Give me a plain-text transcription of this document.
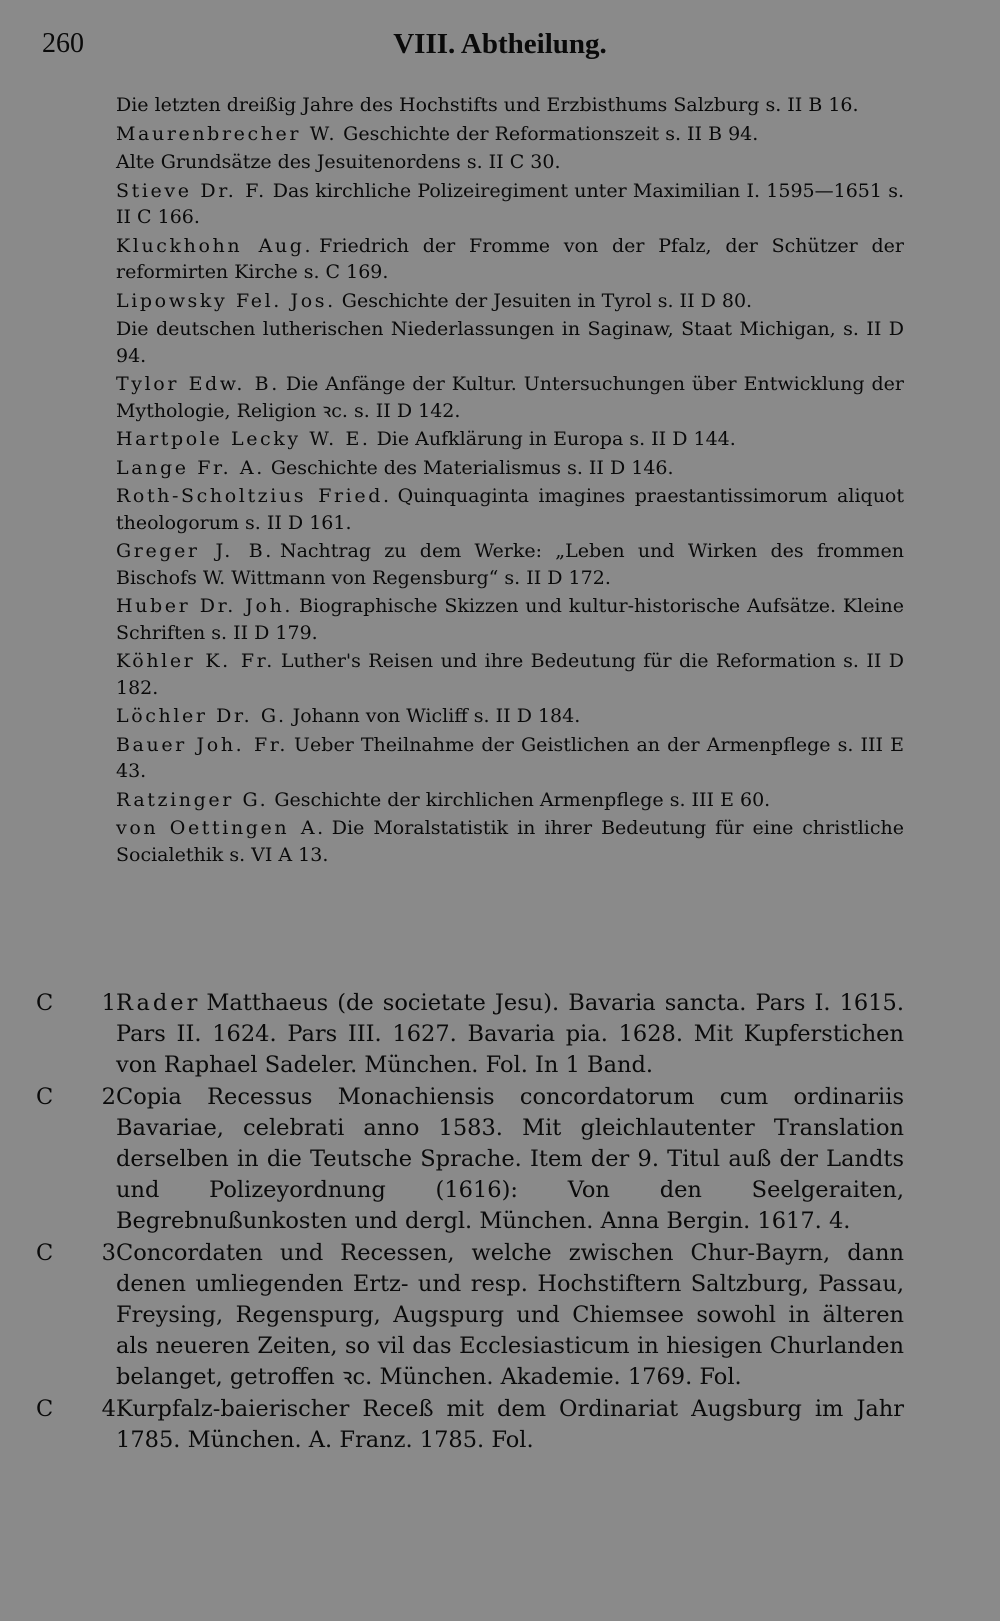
260	VIII. Abtheilung.
Die letzten dreißig Jahre des Hochstifts und Erzbisthums Salzburg s. II B 16.
Maurenbrecher W. Geschichte der Reformationszeit s. II B 94.
Alte Grundsätze des Jesuitenordens s. II C 30.
Stieve Dr. F. Das kirchliche Polizeiregiment unter Maximilian I. 1595—1651 s. II C 166.
Kluckhohn Aug. Friedrich der Fromme von der Pfalz, der Schützer der reformirten Kirche s. C 169.
Lipowsky Fel. Jos. Geschichte der Jesuiten in Tyrol s. II D 80.
Die deutschen lutherischen Niederlassungen in Saginaw, Staat Michigan, s. II D 94.
Tylor Edw. B. Die Anfänge der Kultur. Untersuchungen über Entwicklung der Mythologie, Religion ꝛc. s. II D 142.
Hartpole Lecky W. E. Die Aufklärung in Europa s. II D 144.
Lange Fr. A. Geschichte des Materialismus s. II D 146.
Roth-Scholtzius Fried. Quinquaginta imagines praestantissimorum aliquot theologorum s. II D 161.
Greger J. B. Nachtrag zu dem Werke: „Leben und Wirken des frommen Bischofs W. Wittmann von Regensburg“ s. II D 172.
Huber Dr. Joh. Biographische Skizzen und kultur-historische Aufsätze. Kleine Schriften s. II D 179.
Köhler K. Fr. Luther's Reisen und ihre Bedeutung für die Reformation s. II D 182.
Löchler Dr. G. Johann von Wicliff s. II D 184.
Bauer Joh. Fr. Ueber Theilnahme der Geistlichen an der Armenpflege s. III E 43.
Ratzinger G. Geschichte der kirchlichen Armenpflege s. III E 60.
von Oettingen A. Die Moralstatistik in ihrer Bedeutung für eine christliche Socialethik s. VI A 13.
C	1 Rader Matthaeus (de societate Jesu). Bavaria sancta. Pars I. 1615. Pars II. 1624. Pars III. 1627. Bavaria pia. 1628. Mit Kupferstichen von Raphael Sadeler. München. Fol. In 1 Band.
C	2 Copia Recessus Monachiensis concordatorum cum ordinariis Bavariae, celebrati anno 1583. Mit gleichlautenter Translation derselben in die Teutsche Sprache. Item der 9. Titul auß der Landts und Polizeyordnung (1616): Von den Seelgeraiten, Begrebnußunkosten und dergl. München. Anna Bergin. 1617. 4.
C	3 Concordaten und Recessen, welche zwischen Chur-Bayrn, dann denen umliegenden Ertz- und resp. Hochstiftern Saltzburg, Passau, Freysing, Regenspurg, Augspurg und Chiemsee sowohl in älteren als neueren Zeiten, so vil das Ecclesiasticum in hiesigen Churlanden belanget, getroffen ꝛc. München. Akademie. 1769. Fol.
C	4 Kurpfalz-baierischer Receß mit dem Ordinariat Augsburg im Jahr 1785. München. A. Franz. 1785. Fol.
